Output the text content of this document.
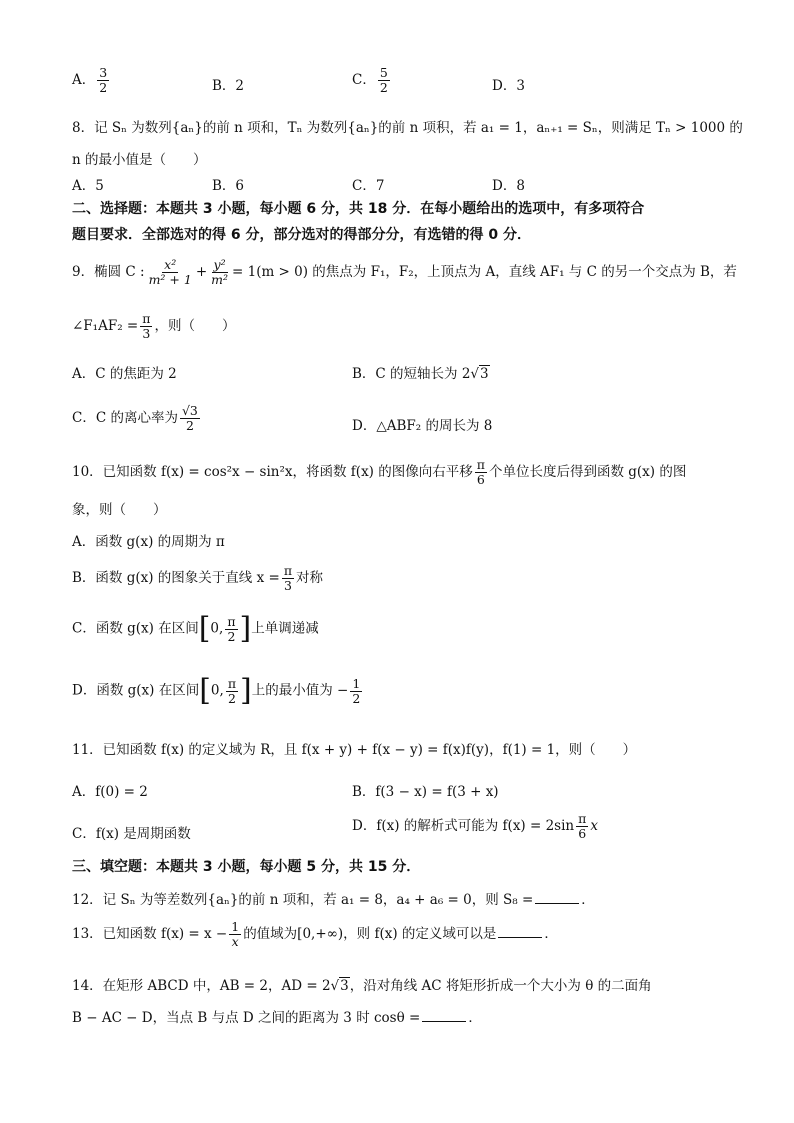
A． $\frac{3}{2}$	B．2	C． $\frac{5}{2}$	D．3
8．记 Sₙ 为数列{aₙ}的前 n 项和，Tₙ 为数列{aₙ}的前 n 项积，若 a₁ = 1，aₙ₊₁ = Sₙ，则满足 Tₙ > 1000 的
n 的最小值是（　　）
A．5	B．6	C．7	D．8
二、选择题：本题共 3 小题，每小题 6 分，共 18 分．在每小题给出的选项中，有多项符合
题目要求．全部选对的得 6 分，部分选对的得部分分，有选错的得 0 分．
9．椭圆 C : $\frac{\text{x²}}{\text{m² + 1}} + \frac{\text{y²}}{\text{m²}} = 1(m > 0)$ 的焦点为 F₁，F₂，上顶点为 A，直线 AF₁ 与 C 的另一个交点为 B，若
∠F₁AF₂ = $\frac{\pi}{3}$ ，则（　　）
A．C 的焦距为 2	B．C 的短轴长为 2√3
C．C 的离心率为 $\frac{√3}{2}$	D．△ABF₂ 的周长为 8
10．已知函数 f(x) = cos²x − sin²x，将函数 f(x) 的图像向右平移 $\frac{\pi}{6}$ 个单位长度后得到函数 g(x) 的图
象，则（　　）
A．函数 g(x) 的周期为 π
B．函数 g(x) 的图象关于直线 $x = \frac{\pi}{3}$ 对称
C．函数 g(x) 在区间[0, $\frac{\pi}{2}$ ]上单调递减
D．函数 g(x) 在区间[0, $\frac{\pi}{2}$ ]上的最小值为 − $\frac{1}{2}$
11．已知函数 f(x) 的定义域为 R，且 f(x + y) + f(x − y) = f(x)f(y)，f(1) = 1，则（　　）
A．f(0) = 2	B．f(3 − x) = f(3 + x)
C．f(x) 是周期函数	D．f(x) 的解析式可能为 $f(x) = 2\sin \frac{\pi}{6}$ x
三、填空题：本题共 3 小题，每小题 5 分，共 15 分．
12．记 Sₙ 为等差数列{aₙ}的前 n 项和，若 a₁ = 8，a₄ + a₆ = 0，则 S₈ =	．
13．已知函数 $f(x) = x - \frac{1}{x}$ 的值域为[0,+∞)，则 f(x) 的定义域可以是	．
14．在矩形 ABCD 中，AB = 2，AD = 2√3，沿对角线 AC 将矩形折成一个大小为 θ 的二面角
B − AC − D，当点 B 与点 D 之间的距离为 3 时 cosθ =	．
